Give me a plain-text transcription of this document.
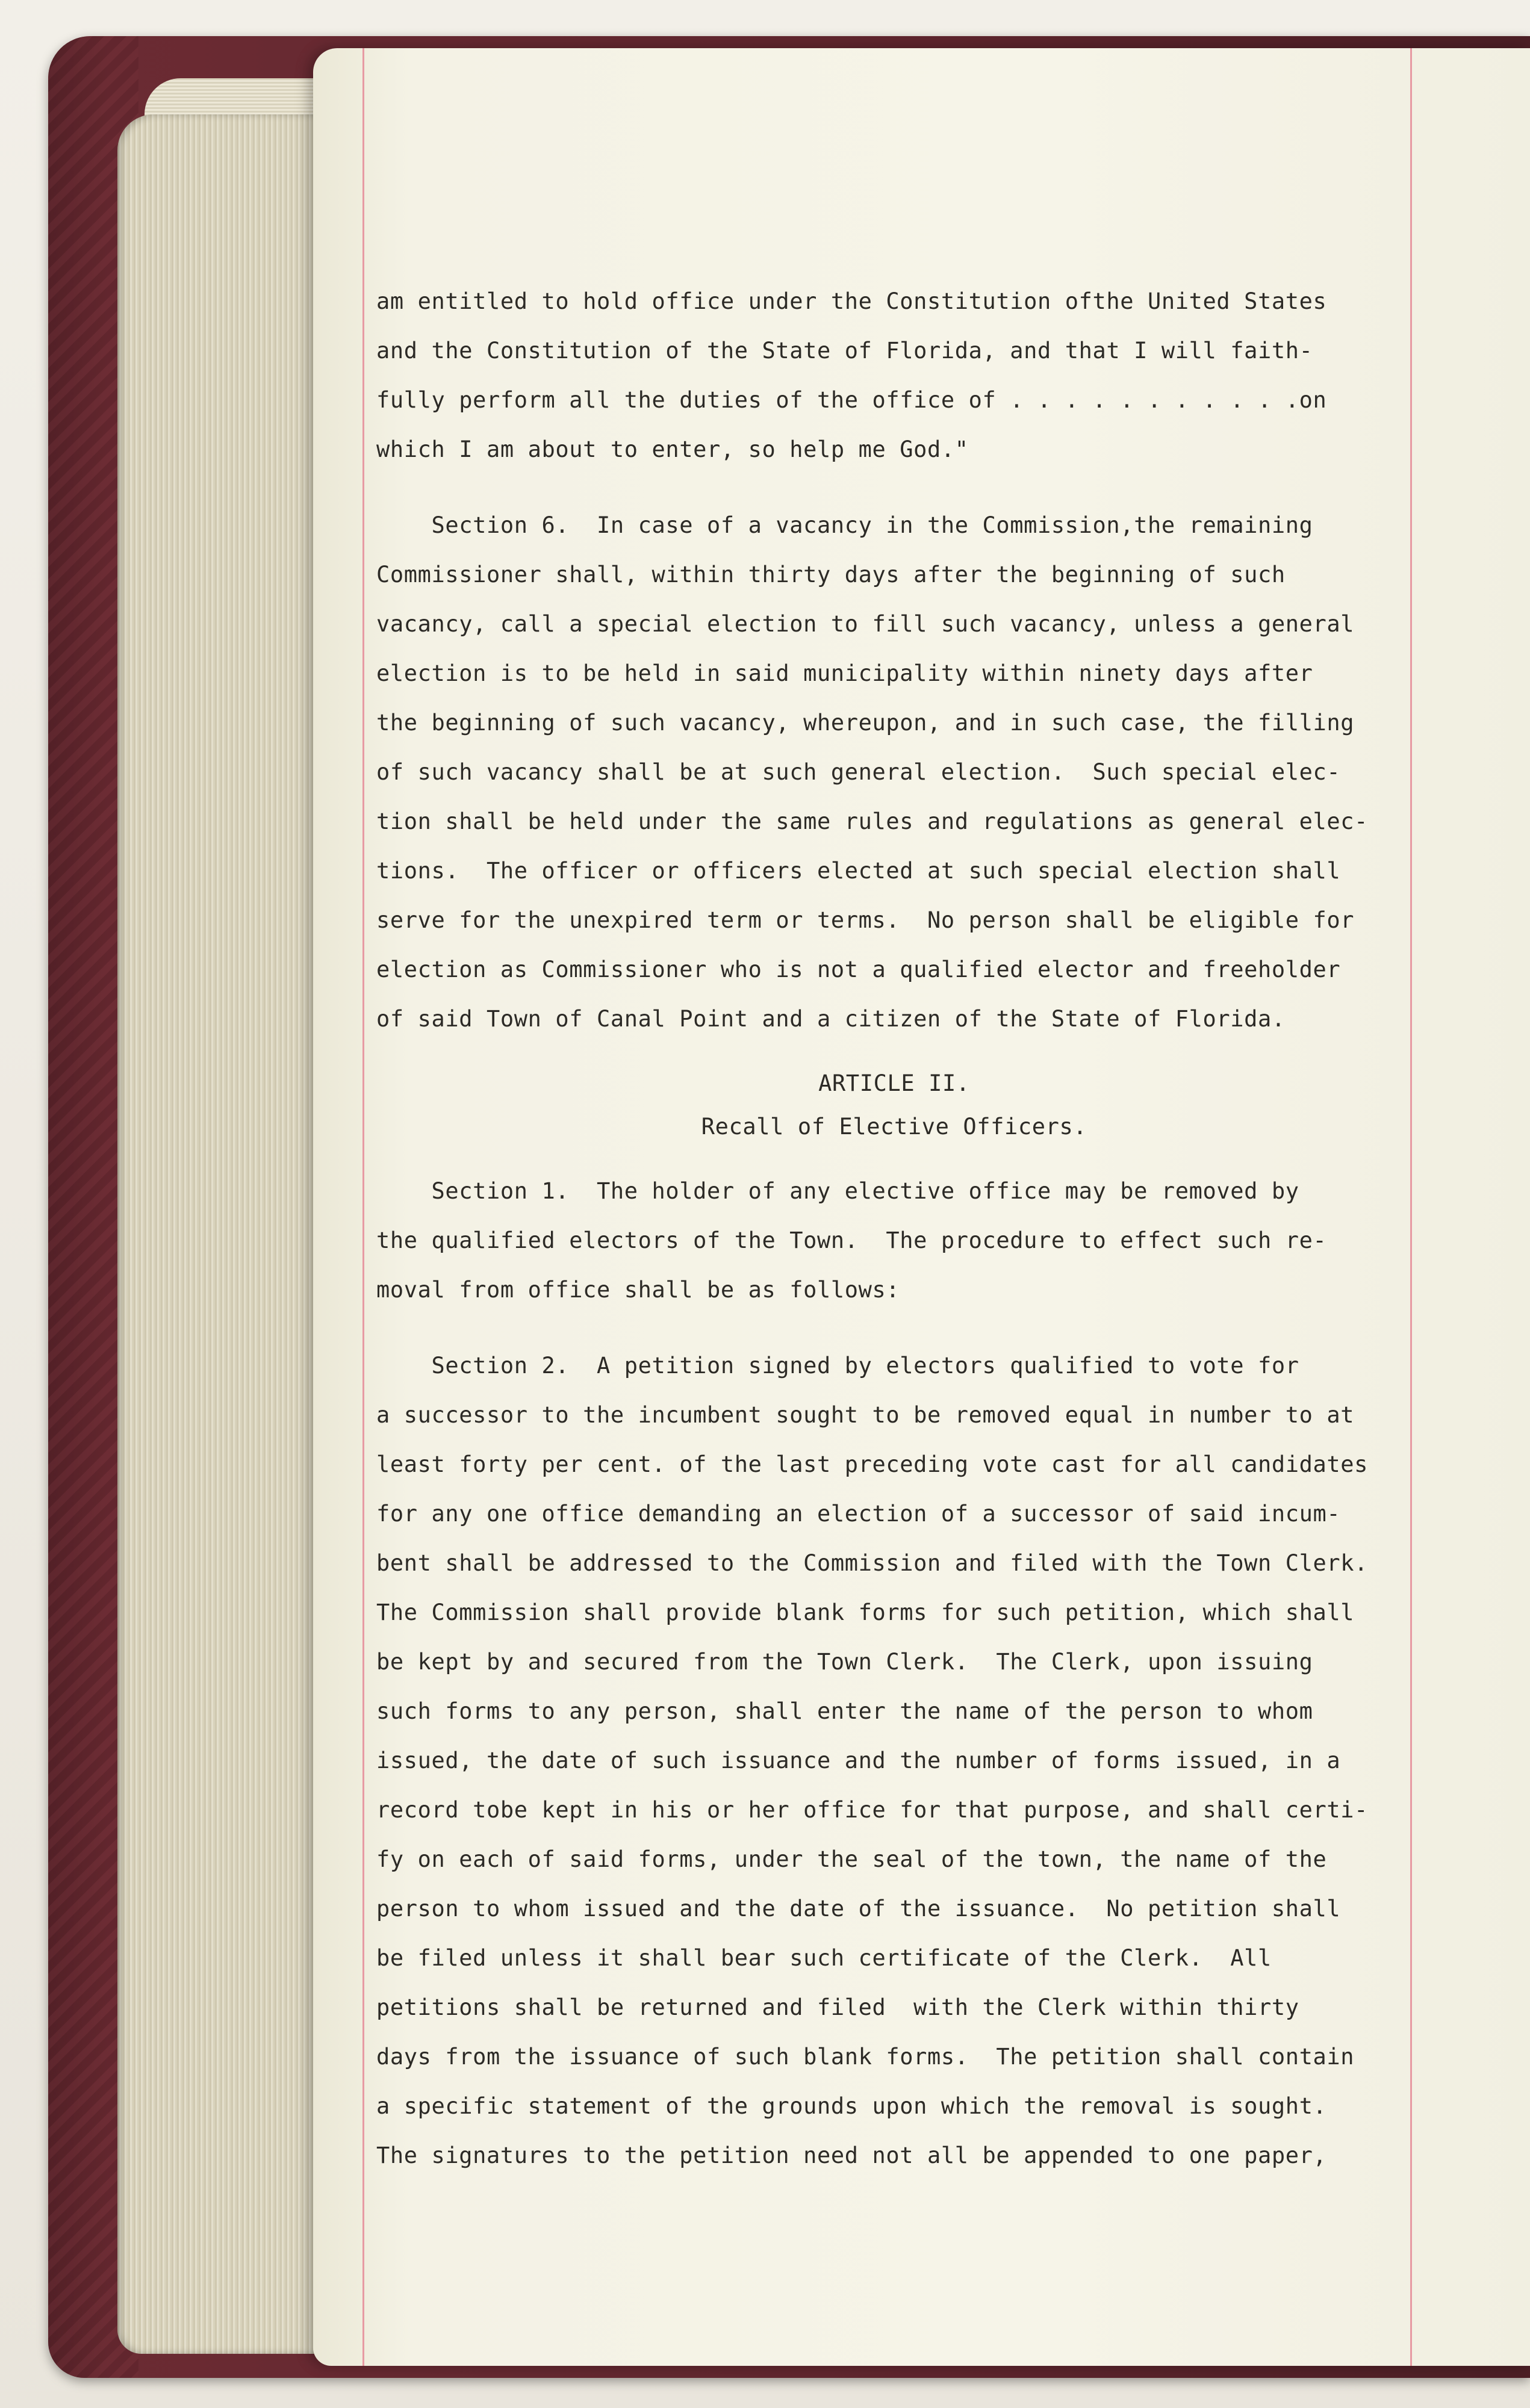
am entitled to hold office under the Constitution ofthe United States
and the Constitution of the State of Florida, and that I will faith-
fully perform all the duties of the office of . . . . . . . . . . .on
which I am about to enter, so help me God."
Section 6.  In case of a vacancy in the Commission,the remaining
Commissioner shall, within thirty days after the beginning of such
vacancy, call a special election to fill such vacancy, unless a general
election is to be held in said municipality within ninety days after
the beginning of such vacancy, whereupon, and in such case, the filling
of such vacancy shall be at such general election.  Such special elec-
tion shall be held under the same rules and regulations as general elec-
tions.  The officer or officers elected at such special election shall
serve for the unexpired term or terms.  No person shall be eligible for
election as Commissioner who is not a qualified elector and freeholder
of said Town of Canal Point and a citizen of the State of Florida.
ARTICLE II.
Recall of Elective Officers.
Section 1.  The holder of any elective office may be removed by
the qualified electors of the Town.  The procedure to effect such re-
moval from office shall be as follows:
Section 2.  A petition signed by electors qualified to vote for
a successor to the incumbent sought to be removed equal in number to at
least forty per cent. of the last preceding vote cast for all candidates
for any one office demanding an election of a successor of said incum-
bent shall be addressed to the Commission and filed with the Town Clerk.
The Commission shall provide blank forms for such petition, which shall
be kept by and secured from the Town Clerk.  The Clerk, upon issuing
such forms to any person, shall enter the name of the person to whom
issued, the date of such issuance and the number of forms issued, in a
record tobe kept in his or her office for that purpose, and shall certi-
fy on each of said forms, under the seal of the town, the name of the
person to whom issued and the date of the issuance.  No petition shall
be filed unless it shall bear such certificate of the Clerk.  All
petitions shall be returned and filed  with the Clerk within thirty
days from the issuance of such blank forms.  The petition shall contain
a specific statement of the grounds upon which the removal is sought.
The signatures to the petition need not all be appended to one paper,
